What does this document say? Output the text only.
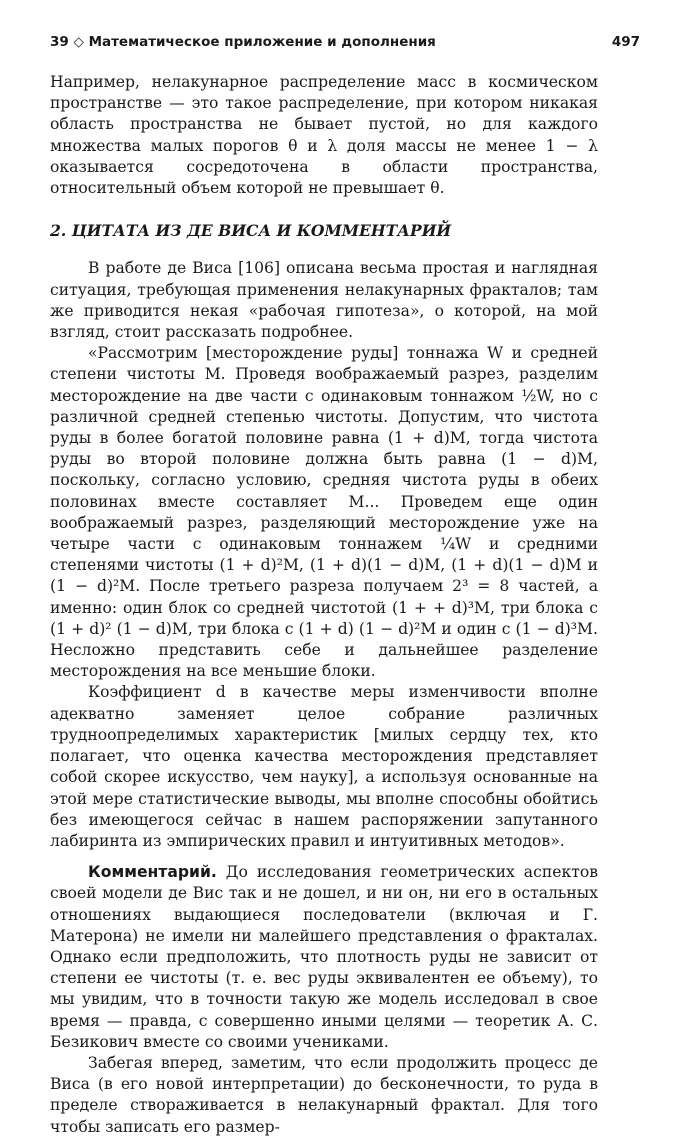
39 ◇ Математическое приложение и дополнения	497

Например, нелакунарное распределение масс в космическом пространстве — это такое распределение, при котором никакая область пространства не бывает пустой, но для каждого множества малых порогов θ и λ доля массы не менее 1 − λ оказывается сосредоточена в области пространства, относительный объем которой не превышает θ.

2. ЦИТАТА ИЗ ДЕ ВИСА И КОММЕНТАРИЙ

В работе де Виса [106] описана весьма простая и наглядная ситуация, требующая применения нелакунарных фракталов; там же приводится некая «рабочая гипотеза», о которой, на мой взгляд, стоит рассказать подробнее.

«Рассмотрим [месторождение руды] тоннажа W и средней степени чистоты M. Проведя воображаемый разрез, разделим месторождение на две части с одинаковым тоннажом ½W, но с различной средней степенью чистоты. Допустим, что чистота руды в более богатой половине равна (1 + d)M, тогда чистота руды во второй половине должна быть равна (1 − d)M, поскольку, согласно условию, средняя чистота руды в обеих половинах вместе составляет M... Проведем еще один воображаемый разрез, разделяющий месторождение уже на четыре части с одинаковым тоннажем ¼W и средними степенями чистоты (1 + d)²M, (1 + d)(1 − d)M, (1 + d)(1 − d)M и (1 − d)²M. После третьего разреза получаем 2³ = 8 частей, а именно: один блок со средней чистотой (1 + + d)³M, три блока с (1 + d)² (1 − d)M, три блока с (1 + d) (1 − d)²M и один с (1 − d)³M. Несложно представить себе и дальнейшее разделение месторождения на все меньшие блоки.

Коэффициент d в качестве меры изменчивости вполне адекватно заменяет целое собрание различных трудноопределимых характеристик [милых сердцу тех, кто полагает, что оценка качества месторождения представляет собой скорее искусство, чем науку], а используя основанные на этой мере статистические выводы, мы вполне способны обойтись без имеющегося сейчас в нашем распоряжении запутанного лабиринта из эмпирических правил и интуитивных методов».

Комментарий. До исследования геометрических аспектов своей модели де Вис так и не дошел, и ни он, ни его в остальных отношениях выдающиеся последователи (включая и Г. Матерона) не имели ни малейшего представления о фракталах. Однако если предположить, что плотность руды не зависит от степени ее чистоты (т. е. вес руды эквивалентен ее объему), то мы увидим, что в точности такую же модель исследовал в свое время — правда, с совершенно иными целями — теоретик А. С. Безикович вместе со своими учениками.

Забегая вперед, заметим, что если продолжить процесс де Виса (в его новой интерпретации) до бесконечности, то руда в пределе створаживается в нелакунарный фрактал. Для того чтобы записать его размер-
